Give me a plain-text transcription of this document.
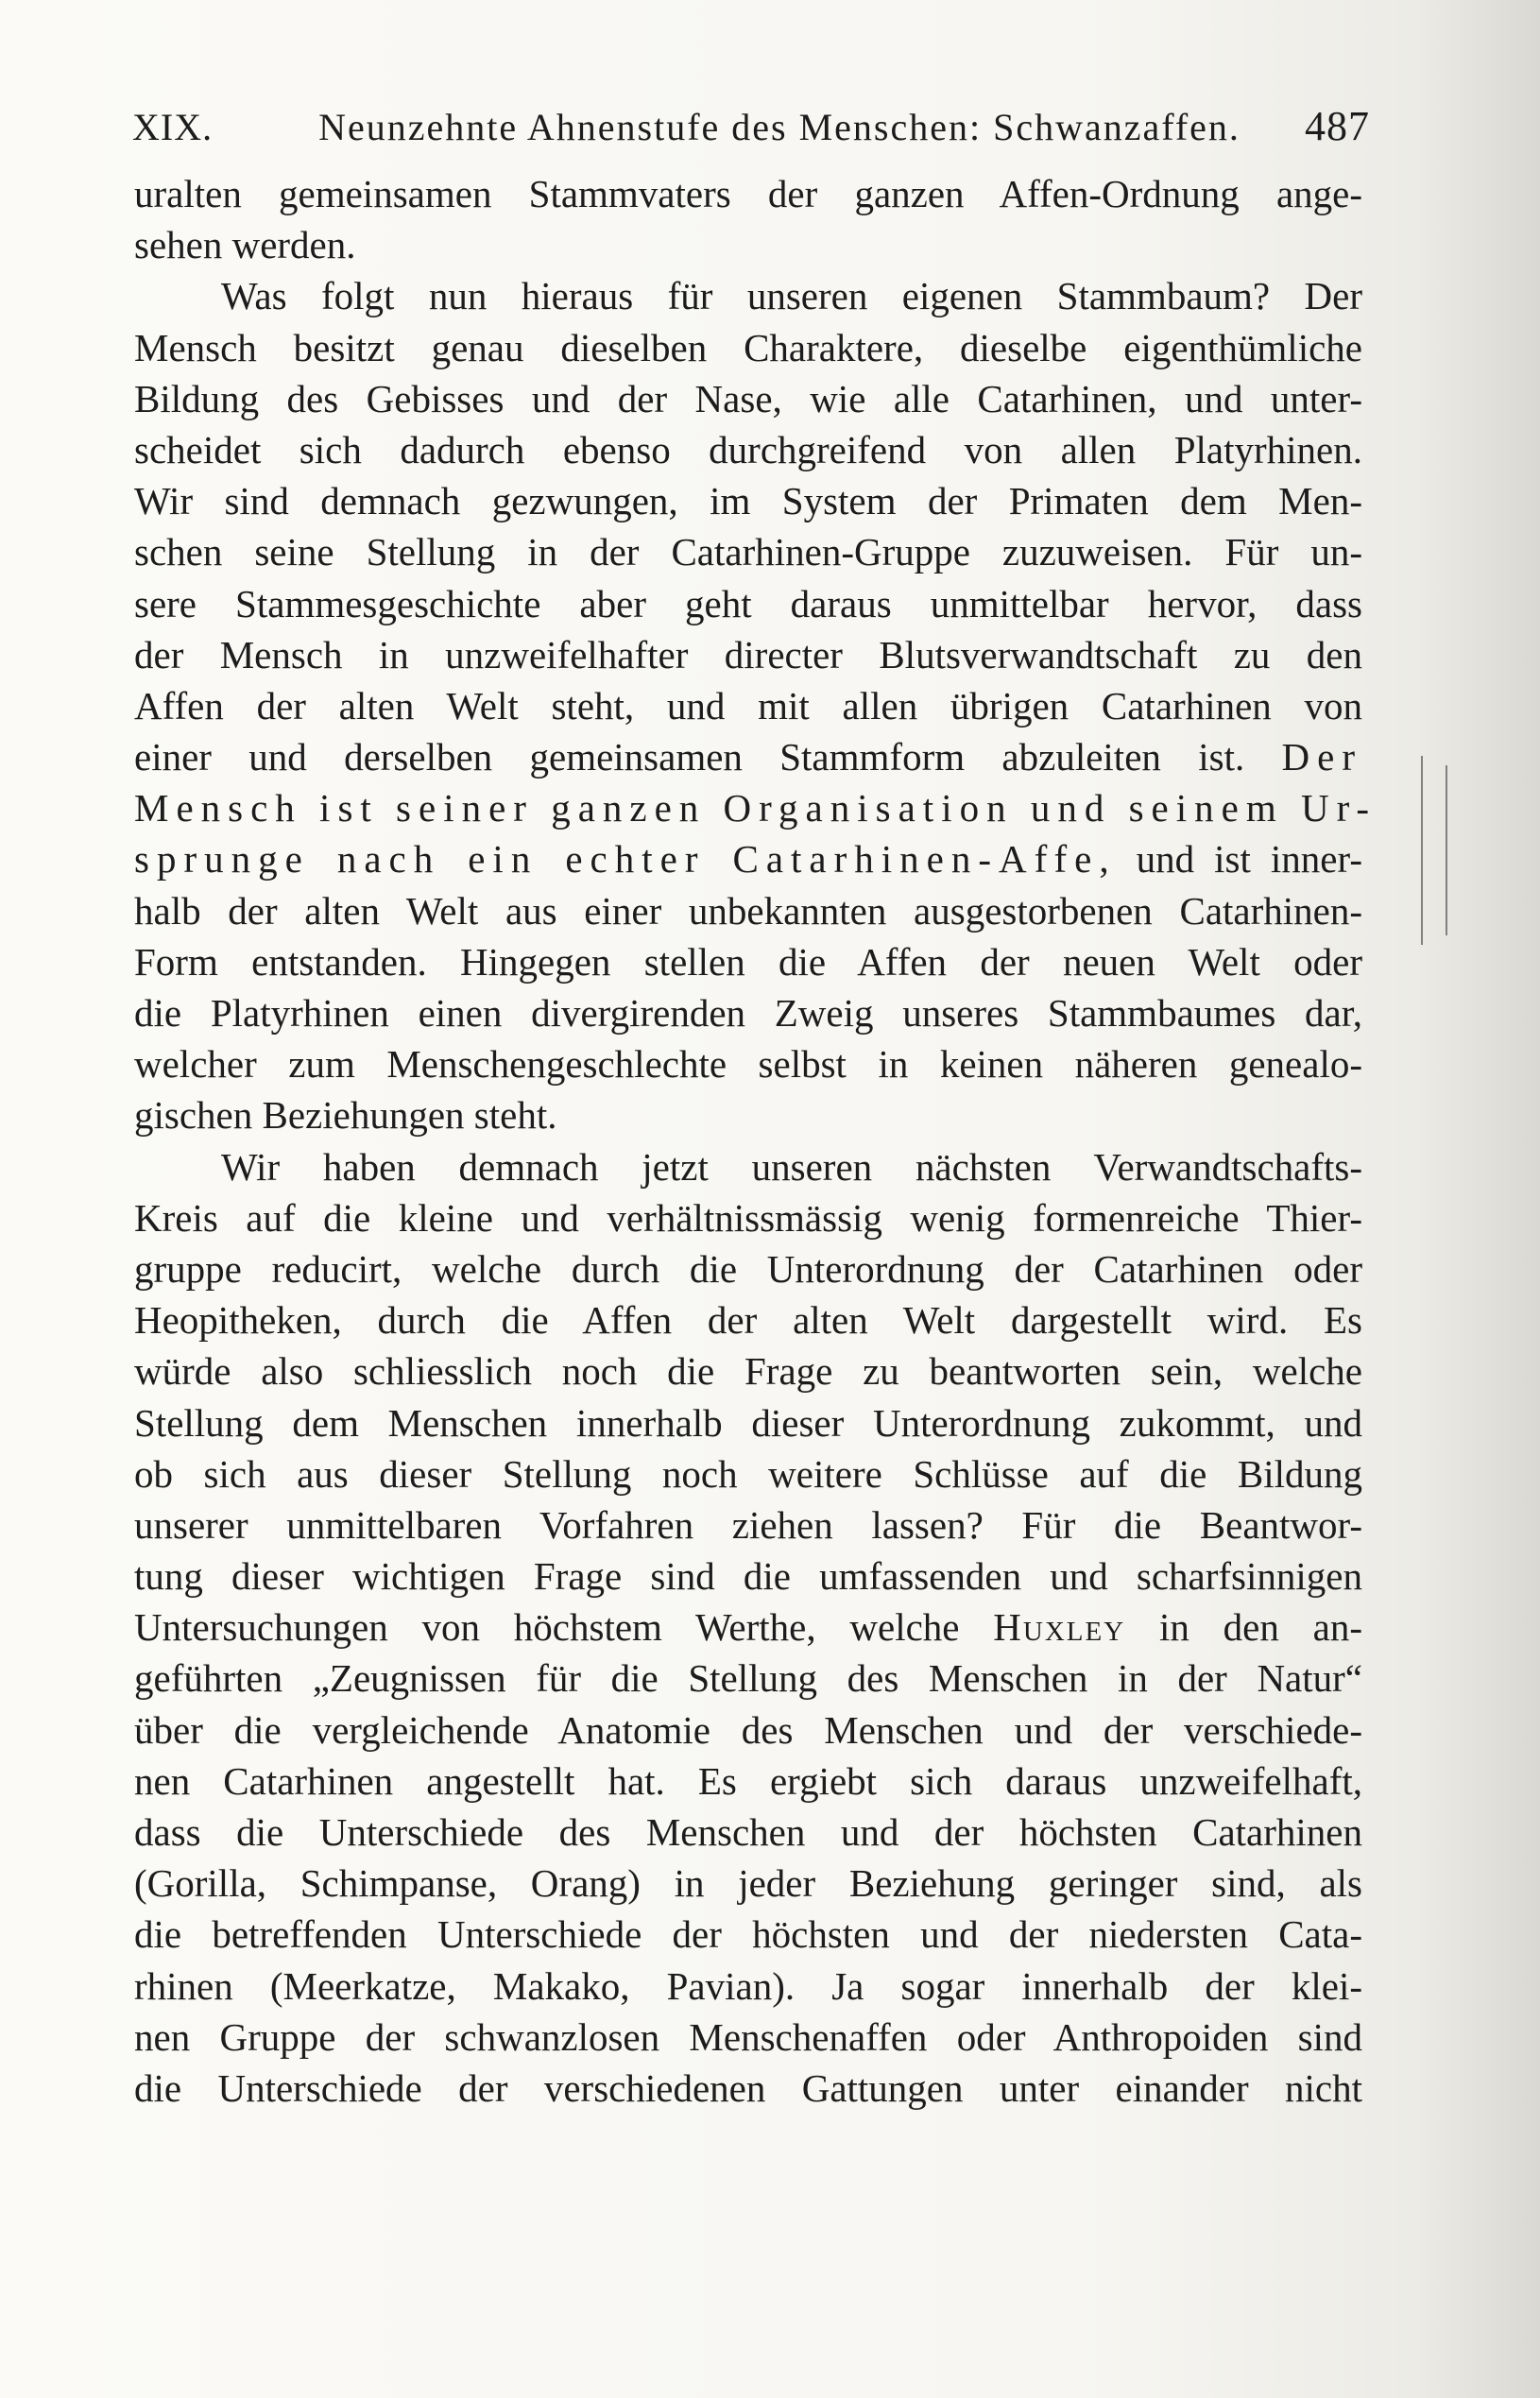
XIX.	Neunzehnte Ahnenstufe des Menschen: Schwanzaffen.	487
uralten gemeinsamen Stammvaters der ganzen Affen-Ordnung ange-
sehen werden.
Was folgt nun hieraus für unseren eigenen Stammbaum? Der
Mensch besitzt genau dieselben Charaktere, dieselbe eigenthümliche
Bildung des Gebisses und der Nase, wie alle Catarhinen, und unter-
scheidet sich dadurch ebenso durchgreifend von allen Platyrhinen.
Wir sind demnach gezwungen, im System der Primaten dem Men-
schen seine Stellung in der Catarhinen-Gruppe zuzuweisen. Für un-
sere Stammesgeschichte aber geht daraus unmittelbar hervor, dass
der Mensch in unzweifelhafter directer Blutsverwandtschaft zu den
Affen der alten Welt steht, und mit allen übrigen Catarhinen von
einer und derselben gemeinsamen Stammform abzuleiten ist. Der
Mensch ist seiner ganzen Organisation und seinem Ur-
sprunge nach ein echter Catarhinen-Affe, und ist inner-
halb der alten Welt aus einer unbekannten ausgestorbenen Catarhinen-
Form entstanden. Hingegen stellen die Affen der neuen Welt oder
die Platyrhinen einen divergirenden Zweig unseres Stammbaumes dar,
welcher zum Menschengeschlechte selbst in keinen näheren genealo-
gischen Beziehungen steht.
Wir haben demnach jetzt unseren nächsten Verwandtschafts-
Kreis auf die kleine und verhältnissmässig wenig formenreiche Thier-
gruppe reducirt, welche durch die Unterordnung der Catarhinen oder
Heopitheken, durch die Affen der alten Welt dargestellt wird. Es
würde also schliesslich noch die Frage zu beantworten sein, welche
Stellung dem Menschen innerhalb dieser Unterordnung zukommt, und
ob sich aus dieser Stellung noch weitere Schlüsse auf die Bildung
unserer unmittelbaren Vorfahren ziehen lassen? Für die Beantwor-
tung dieser wichtigen Frage sind die umfassenden und scharfsinnigen
Untersuchungen von höchstem Werthe, welche Huxley in den an-
geführten „Zeugnissen für die Stellung des Menschen in der Natur“
über die vergleichende Anatomie des Menschen und der verschiede-
nen Catarhinen angestellt hat. Es ergiebt sich daraus unzweifelhaft,
dass die Unterschiede des Menschen und der höchsten Catarhinen
(Gorilla, Schimpanse, Orang) in jeder Beziehung geringer sind, als
die betreffenden Unterschiede der höchsten und der niedersten Cata-
rhinen (Meerkatze, Makako, Pavian). Ja sogar innerhalb der klei-
nen Gruppe der schwanzlosen Menschenaffen oder Anthropoiden sind
die Unterschiede der verschiedenen Gattungen unter einander nicht
